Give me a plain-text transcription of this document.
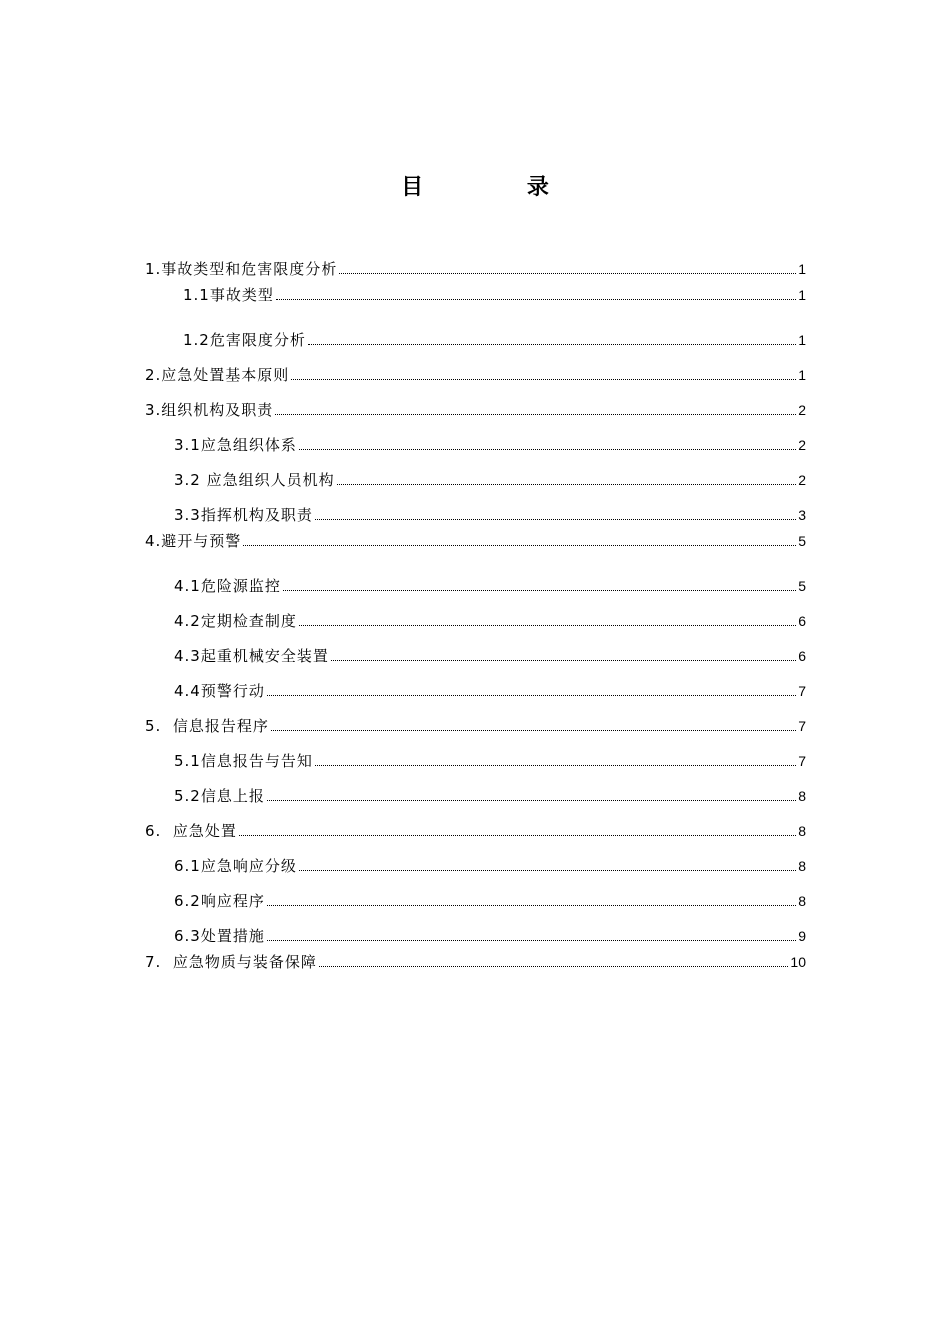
目 录
1.事故类型和危害限度分析	1
1.1事故类型	1
1.2危害限度分析	1
2.应急处置基本原则	1
3.组织机构及职责	2
3.1应急组织体系	2
3.2 应急组织人员机构	2
3.3指挥机构及职责	3
4.避开与预警	5
4.1危险源监控	5
4.2定期检查制度	6
4.3起重机械安全装置	6
4.4预警行动	7
5.  信息报告程序	7
5.1信息报告与告知	7
5.2信息上报	8
6.  应急处置	8
6.1应急响应分级	8
6.2响应程序	8
6.3处置措施	9
7.  应急物质与装备保障	10
